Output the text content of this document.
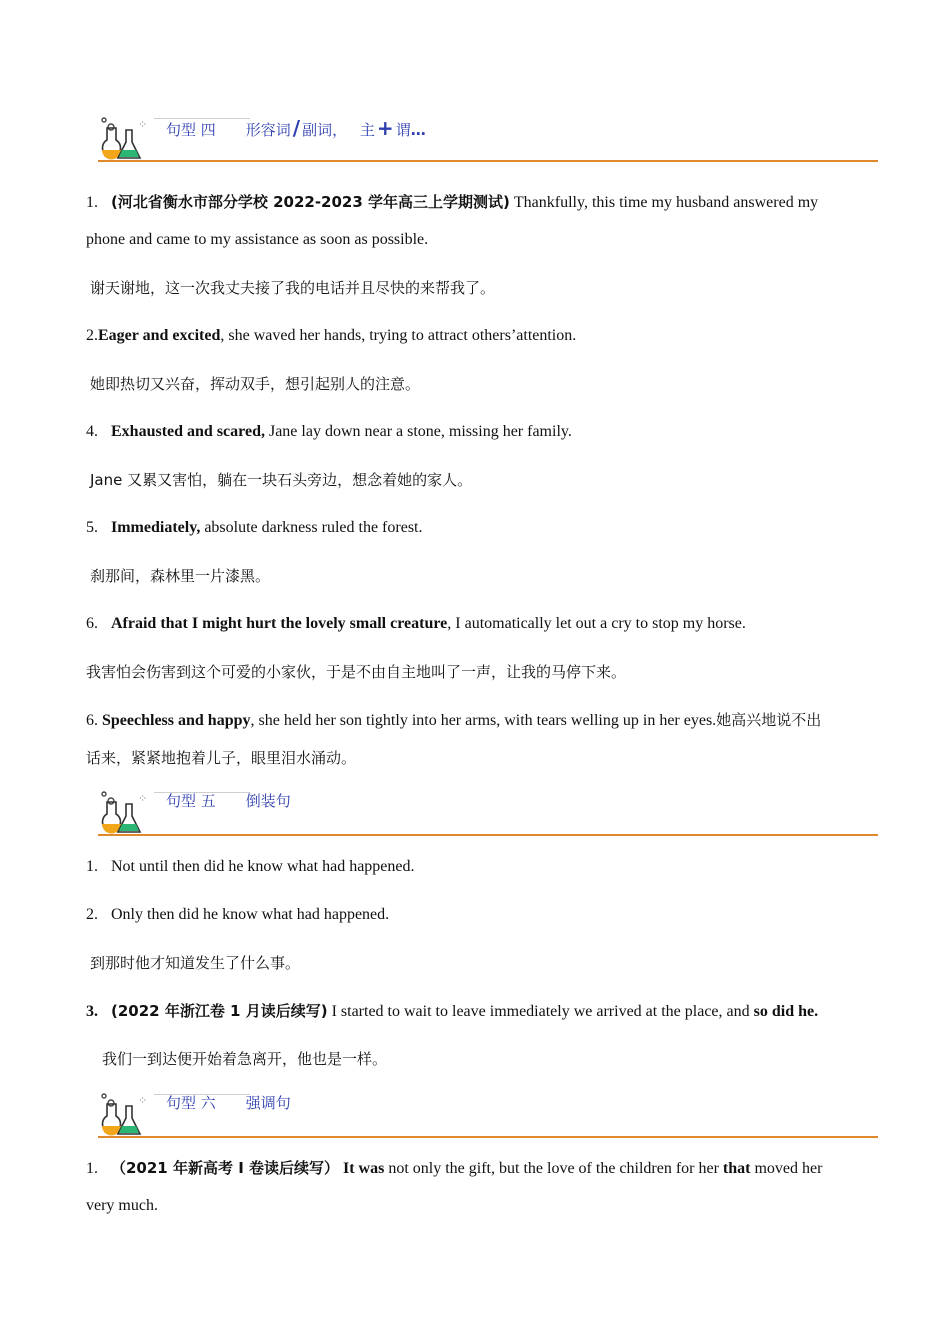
⁘ 句型 四 形容词 / 副词， 主 + 谓…
1. (河北省衡水市部分学校 2022-2023 学年高三上学期测试) Thankfully, this time my husband answered my
phone and came to my assistance as soon as possible.
谢天谢地，这一次我丈夫接了我的电话并且尽快的来帮我了。
2.Eager and excited, she waved her hands, trying to attract others’attention.
她即热切又兴奋，挥动双手，想引起别人的注意。
4. Exhausted and scared, Jane lay down near a stone, missing her family.
Jane 又累又害怕，躺在一块石头旁边，想念着她的家人。
5. Immediately, absolute darkness ruled the forest.
刹那间，森林里一片漆黑。
6. Afraid that I might hurt the lovely small creature, I automatically let out a cry to stop my horse.
我害怕会伤害到这个可爱的小家伙，于是不由自主地叫了一声，让我的马停下来。
6. Speechless and happy, she held her son tightly into her arms, with tears welling up in her eyes.她高兴地说不出
话来，紧紧地抱着儿子，眼里泪水涌动。
⁘ 句型 五 倒装句
1. Not until then did he know what had happened.
2. Only then did he know what had happened.
到那时他才知道发生了什么事。
3. (2022 年浙江卷 1 月读后续写) I started to wait to leave immediately we arrived at the place, and so did he.
我们一到达便开始着急离开，他也是一样。
⁘ 句型 六 强调句
1. （2021 年新高考 I 卷读后续写） It was not only the gift, but the love of the children for her that moved her
very much.
